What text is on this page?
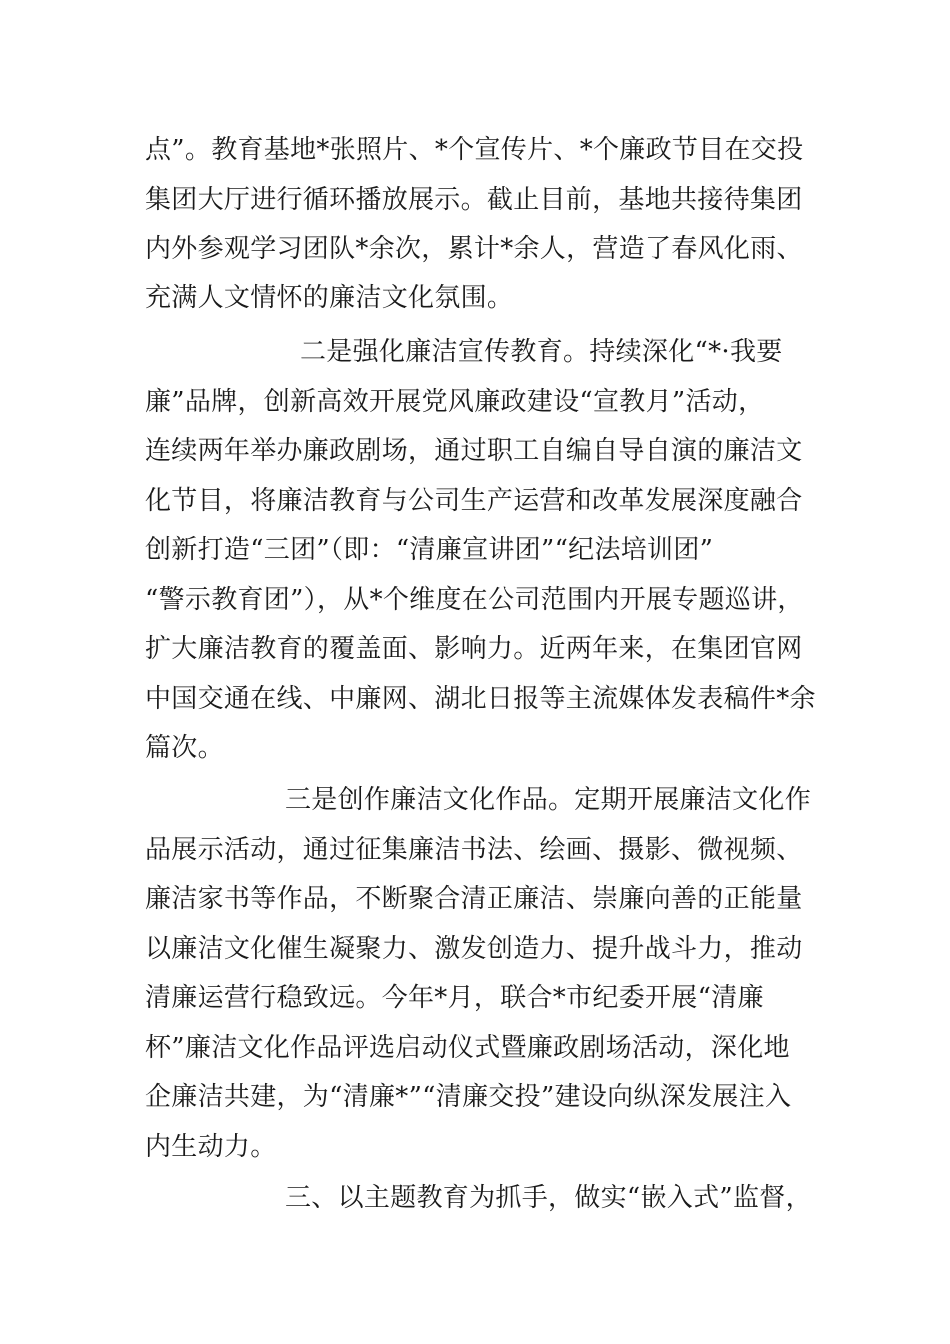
点”。教育基地*张照片、*个宣传片、*个廉政节目在交投
集团大厅进行循环播放展示。截止目前，基地共接待集团
内外参观学习团队*余次，累计*余人，营造了春风化雨、
充满人文情怀的廉洁文化氛围。
二是强化廉洁宣传教育。持续深化“*·我要
廉”品牌，创新高效开展党风廉政建设“宣教月”活动，
连续两年举办廉政剧场，通过职工自编自导自演的廉洁文
化节目，将廉洁教育与公司生产运营和改革发展深度融合
创新打造“三团”（即：“清廉宣讲团”“纪法培训团”
“警示教育团”），从*个维度在公司范围内开展专题巡讲，
扩大廉洁教育的覆盖面、影响力。近两年来，在集团官网
中国交通在线、中廉网、湖北日报等主流媒体发表稿件*余
篇次。
三是创作廉洁文化作品。定期开展廉洁文化作
品展示活动，通过征集廉洁书法、绘画、摄影、微视频、
廉洁家书等作品，不断聚合清正廉洁、崇廉向善的正能量
以廉洁文化催生凝聚力、激发创造力、提升战斗力，推动
清廉运营行稳致远。今年*月，联合*市纪委开展“清廉
杯”廉洁文化作品评选启动仪式暨廉政剧场活动，深化地
企廉洁共建，为“清廉*”“清廉交投”建设向纵深发展注入
内生动力。
三、以主题教育为抓手，做实“嵌入式”监督，
